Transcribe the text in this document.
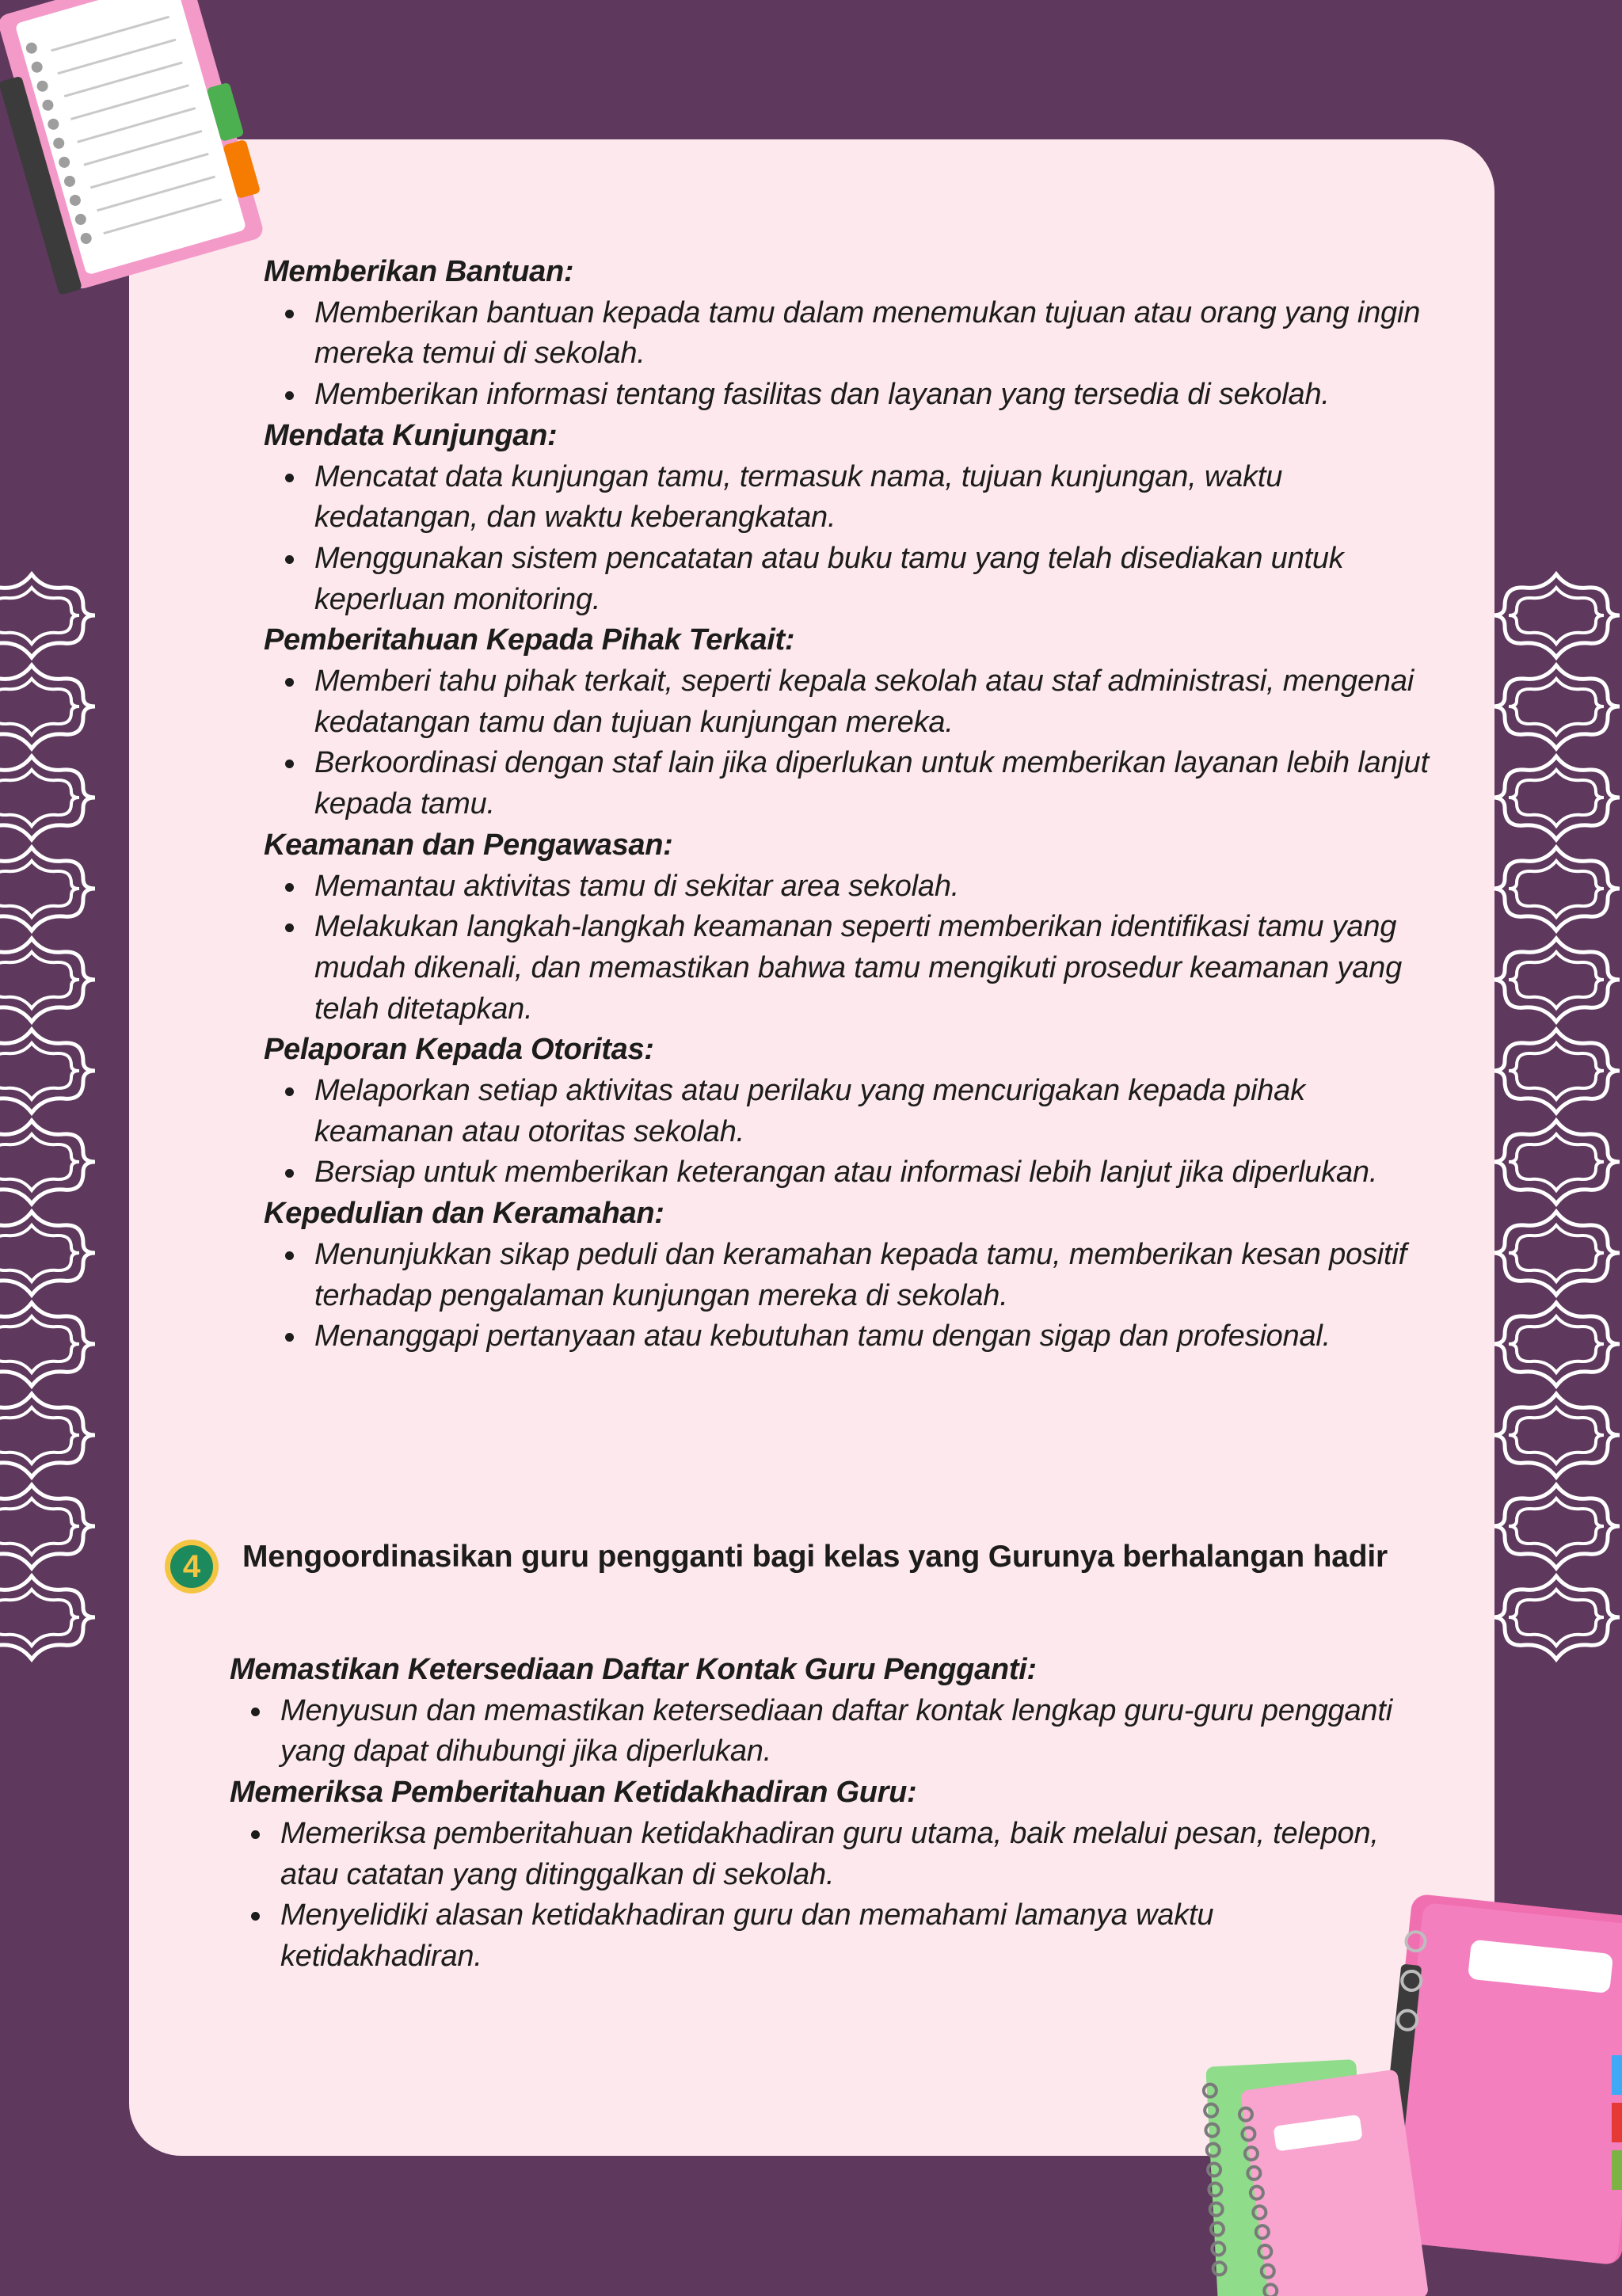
Memberikan Bantuan:
Memberikan bantuan kepada tamu dalam menemukan tujuan atau orang yang ingin mereka temui di sekolah.
Memberikan informasi tentang fasilitas dan layanan yang tersedia di sekolah.
Mendata Kunjungan:
Mencatat data kunjungan tamu, termasuk nama, tujuan kunjungan, waktu kedatangan, dan waktu keberangkatan.
Menggunakan sistem pencatatan atau buku tamu yang telah disediakan untuk keperluan monitoring.
Pemberitahuan Kepada Pihak Terkait:
Memberi tahu pihak terkait, seperti kepala sekolah atau staf administrasi, mengenai kedatangan tamu dan tujuan kunjungan mereka.
Berkoordinasi dengan staf lain jika diperlukan untuk memberikan layanan lebih lanjut kepada tamu.
Keamanan dan Pengawasan:
Memantau aktivitas tamu di sekitar area sekolah.
Melakukan langkah-langkah keamanan seperti memberikan identifikasi tamu yang mudah dikenali, dan memastikan bahwa tamu mengikuti prosedur keamanan yang telah ditetapkan.
Pelaporan Kepada Otoritas:
Melaporkan setiap aktivitas atau perilaku yang mencurigakan kepada pihak keamanan atau otoritas sekolah.
Bersiap untuk memberikan keterangan atau informasi lebih lanjut jika diperlukan.
Kepedulian dan Keramahan:
Menunjukkan sikap peduli dan keramahan kepada tamu, memberikan kesan positif terhadap pengalaman kunjungan mereka di sekolah.
Menanggapi pertanyaan atau kebutuhan tamu dengan sigap dan profesional.
4	Mengoordinasikan guru pengganti bagi kelas yang Gurunya berhalangan hadir
Memastikan Ketersediaan Daftar Kontak Guru Pengganti:
Menyusun dan memastikan ketersediaan daftar kontak lengkap guru-guru pengganti yang dapat dihubungi jika diperlukan.
Memeriksa Pemberitahuan Ketidakhadiran Guru:
Memeriksa pemberitahuan ketidakhadiran guru utama, baik melalui pesan, telepon, atau catatan yang ditinggalkan di sekolah.
Menyelidiki alasan ketidakhadiran guru dan memahami lamanya waktu ketidakhadiran.
